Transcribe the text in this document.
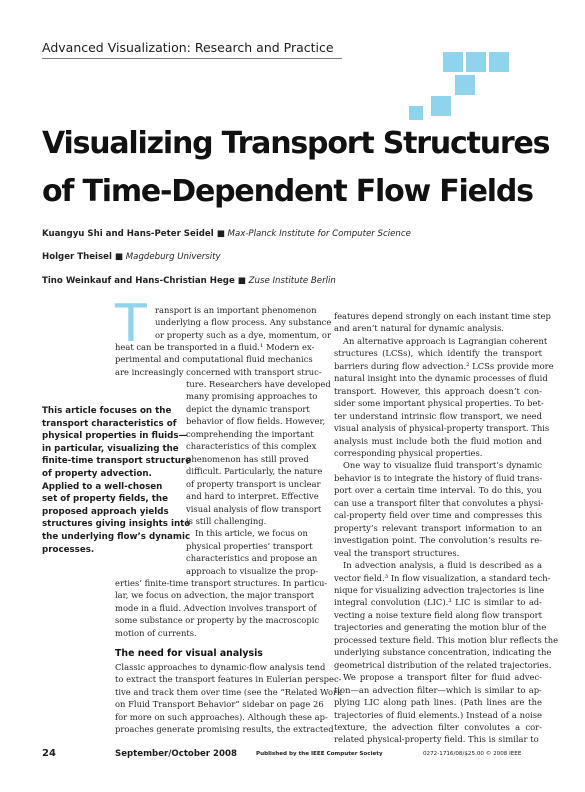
Advanced Visualization: Research and Practice
Visualizing Transport Structures
of Time-Dependent Flow Fields
Kuangyu Shi and Hans-Peter Seidel ■ Max-Planck Institute for Computer Science
Holger Theisel ■ Magdeburg University
Tino Weinkauf and Hans-Christian Hege ■ Zuse Institute Berlin
This article focuses on the
transport characteristics of
physical properties in fluids—
in particular, visualizing the
finite-time transport structure
of property advection.
Applied to a well-chosen
set of property fields, the
proposed approach yields
structures giving insights into
the underlying flow’s dynamic
processes.
T ransport is an important phenomenon
underlying a flow process. Any substance
or property such as a dye, momentum, or
heat can be transported in a fluid.¹ Modern ex-
perimental and computational fluid mechanics
are increasingly concerned with transport struc-
ture. Researchers have developed
many promising approaches to
depict the dynamic transport
behavior of flow fields. However,
comprehending the important
characteristics of this complex
phenomenon has still proved
difficult. Particularly, the nature
of property transport is unclear
and hard to interpret. Effective
visual analysis of flow transport
is still challenging.
In this article, we focus on
physical properties’ transport
characteristics and propose an
approach to visualize the prop-
erties’ finite-time transport structures. In particu-
lar, we focus on advection, the major transport
mode in a fluid. Advection involves transport of
some substance or property by the macroscopic
motion of currents.
The need for visual analysis
Classic approaches to dynamic-flow analysis tend
to extract the transport features in Eulerian perspec-
tive and track them over time (see the “Related Work
on Fluid Transport Behavior” sidebar on page 26
for more on such approaches). Although these ap-
proaches generate promising results, the extracted
features depend strongly on each instant time step
and aren’t natural for dynamic analysis.
An alternative approach is Lagrangian coherent
structures (LCSs), which identify the transport
barriers during flow advection.² LCSs provide more
natural insight into the dynamic processes of fluid
transport. However, this approach doesn’t con-
sider some important physical properties. To bet-
ter understand intrinsic flow transport, we need
visual analysis of physical-property transport. This
analysis must include both the fluid motion and
corresponding physical properties.
One way to visualize fluid transport’s dynamic
behavior is to integrate the history of fluid trans-
port over a certain time interval. To do this, you
can use a transport filter that convolutes a physi-
cal-property field over time and compresses this
property’s relevant transport information to an
investigation point. The convolution’s results re-
veal the transport structures.
In advection analysis, a fluid is described as a
vector field.³ In flow visualization, a standard tech-
nique for visualizing advection trajectories is line
integral convolution (LIC).³ LIC is similar to ad-
vecting a noise texture field along flow transport
trajectories and generating the motion blur of the
processed texture field. This motion blur reflects the
underlying substance concentration, indicating the
geometrical distribution of the related trajectories.
We propose a transport filter for fluid advec-
tion—an advection filter—which is similar to ap-
plying LIC along path lines. (Path lines are the
trajectories of fluid elements.) Instead of a noise
texture, the advection filter convolutes a cor-
related physical-property field. This is similar to
24	September/October 2008	Published by the IEEE Computer Society	0272-1716/08/$25.00 © 2008 IEEE
